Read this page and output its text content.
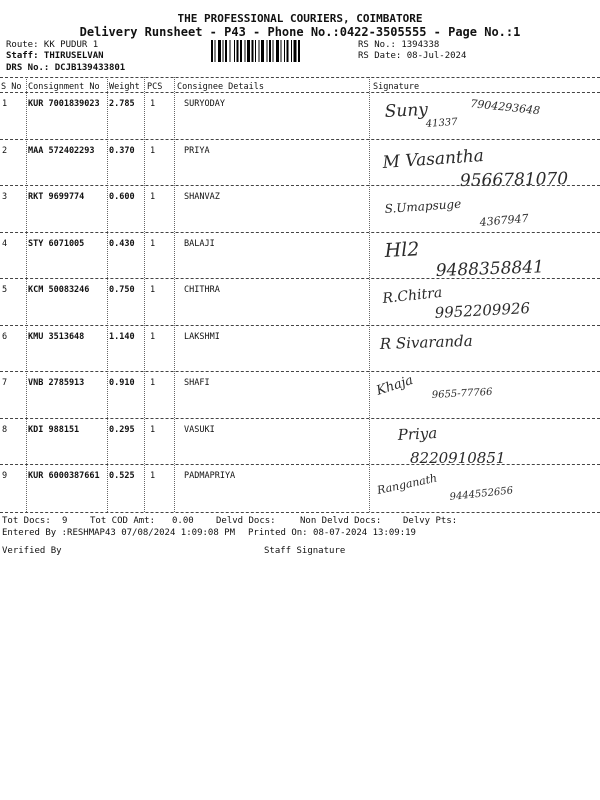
THE PROFESSIONAL COURIERS, COIMBATORE
Delivery Runsheet - P43 - Phone No.:0422-3505555 - Page No.:1
Route: KK PUDUR 1
Staff: THIRUSELVAN
DRS No.: DCJB139433801
RS No.: 1394338
RS Date: 08-Jul-2024
S No Consignment No Weight PCS Consignee Details	Signature
1 KUR 7001839023 2.785 1	SURYODAY	Suny	7904293648
41337
2 MAA 572402293 0.370 1	PRIYA	M Vasantha
9566781070
3 RKT 9699774	0.600 1	SHANVAZ	S.Umapsuge
4367947
4 STY 6071005	0.430 1	BALAJI	Hl2
9488358841
5 KCM 50083246 0.750 1	CHITHRA	R.Chitra
9952209926
6 KMU 3513648	1.140 1	LAKSHMI	R Sivaranda
7 VNB 2785913	0.910 1	SHAFI	Khaja 9655-77766
8 KDI 988151	0.295 1	VASUKI	Priya
8220910851
9 KUR 6000387661 0.525 1	PADMAPRIYA	Ranganath 9444552656
Tot Docs: 9	Tot COD Amt: 0.00 Delvd Docs:	Non Delvd Docs: Delvy Pts:
Entered By :RESHMAP43 07/08/2024 1:09:08 PM Printed On: 08-07-2024 13:09:19
Verified By	Staff Signature
